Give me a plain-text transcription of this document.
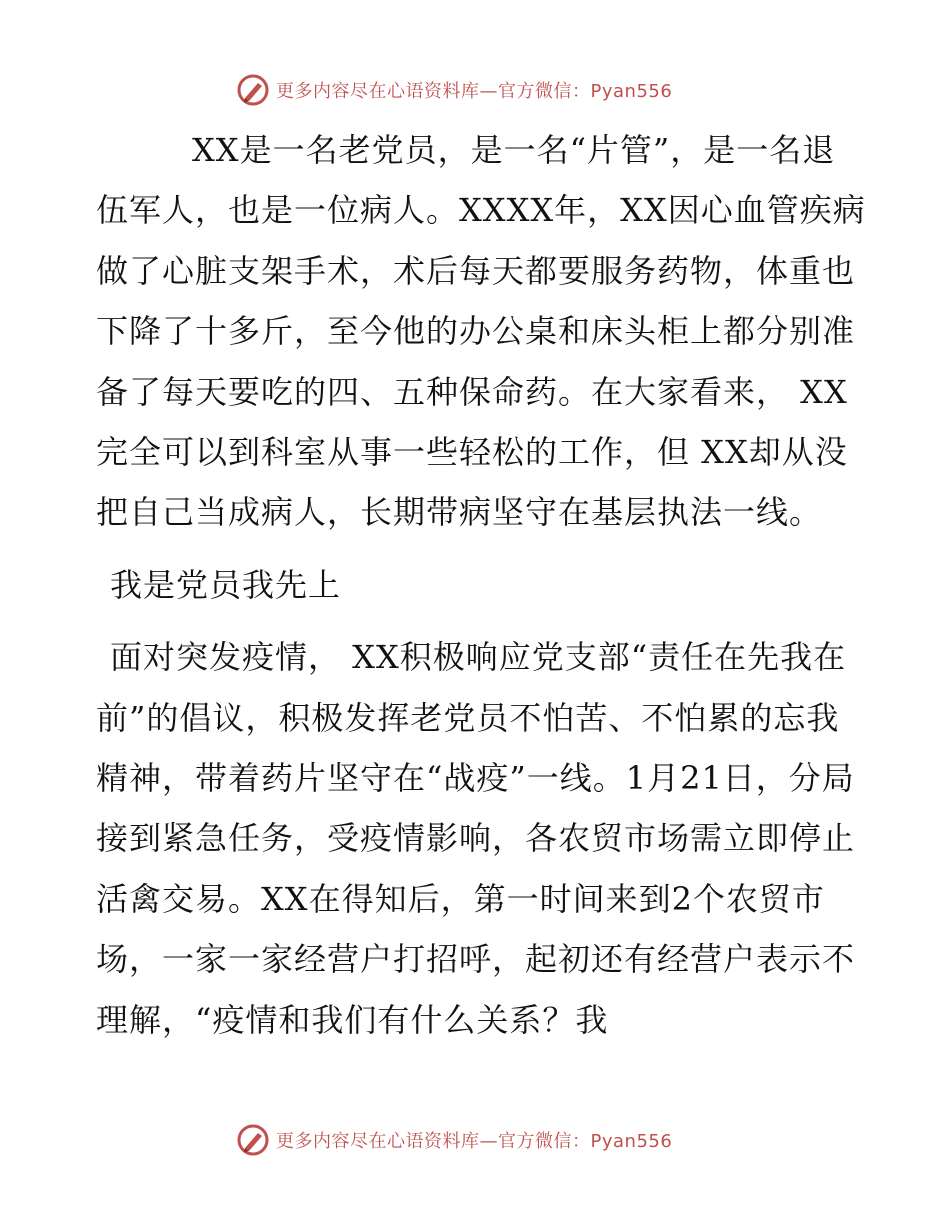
更多内容尽在心语资料库—官方微信：Pyan556

XX是一名老党员，是一名“片管”，是一名退伍军人，也是一位病人。XXXX年，XX因心血管疾病做了心脏支架手术，术后每天都要服务药物，体重也下降了十多斤，至今他的办公桌和床头柜上都分别准备了每天要吃的四、五种保命药。在大家看来， XX完全可以到科室从事一些轻松的工作，但 XX却从没把自己当成病人，长期带病坚守在基层执法一线。

我是党员我先上

面对突发疫情， XX积极响应党支部“责任在先我在前”的倡议，积极发挥老党员不怕苦、不怕累的忘我精神，带着药片坚守在“战疫”一线。1月21日，分局接到紧急任务，受疫情影响，各农贸市场需立即停止活禽交易。XX在得知后，第一时间来到2个农贸市场，一家一家经营户打招呼，起初还有经营户表示不理解，“疫情和我们有什么关系？我

更多内容尽在心语资料库—官方微信：Pyan556
